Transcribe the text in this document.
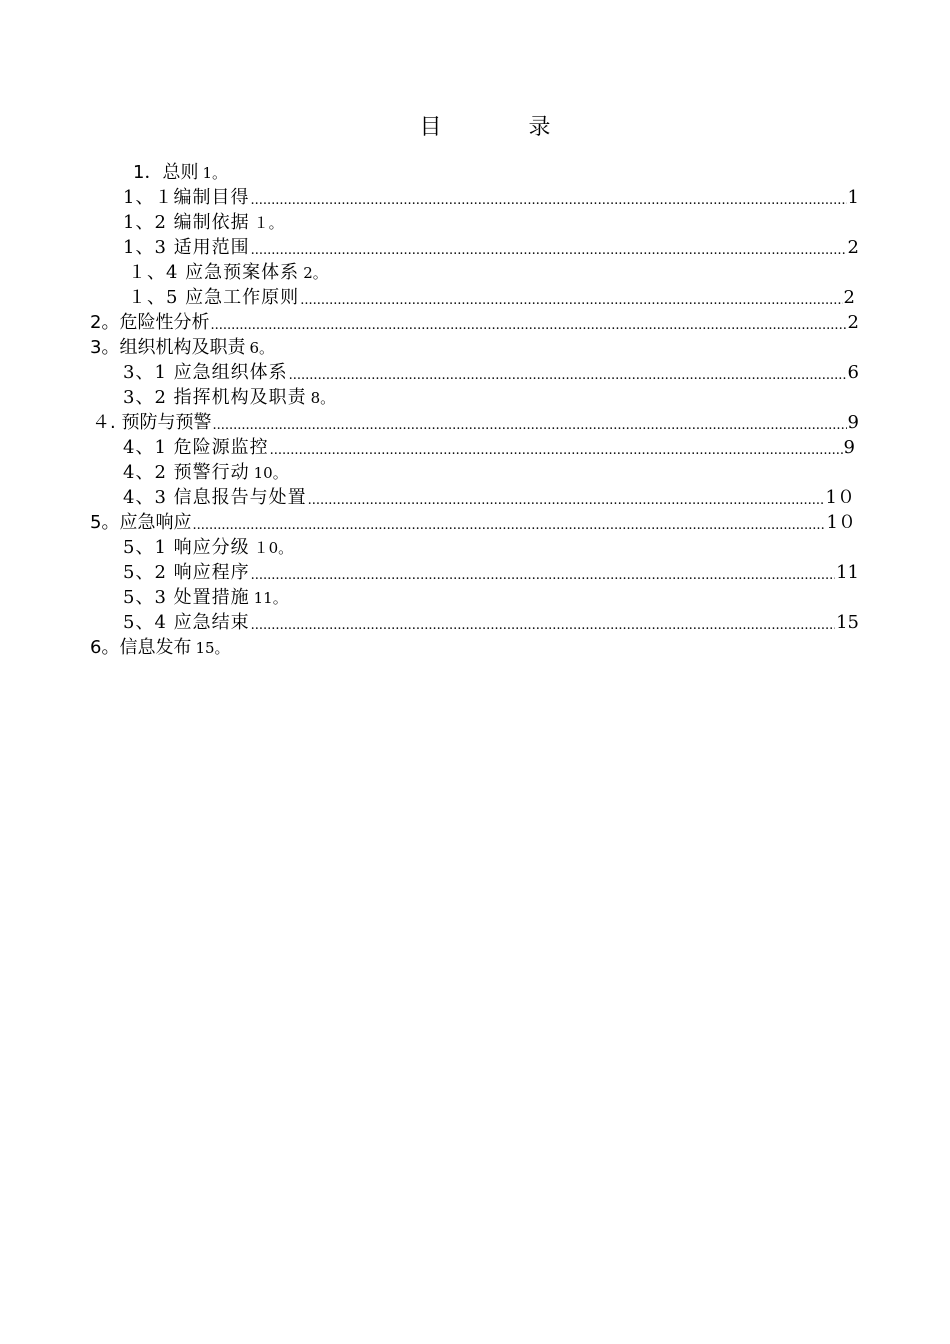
目 录
1．总则 1。
1、１编制目得 .....	1
1、2 编制依据 １。
1、3 适用范围 .....	2
１、4 应急预案体系 2。
１、5 应急工作原则 .....	2
2。危险性分析 .....	2
3。组织机构及职责 6。
3、1 应急组织体系 .....	6
3、2 指挥机构及职责 8。
４. 预防与预警 .....	9
4、1 危险源监控 .....	9
4、2 预警行动 10。
4、3 信息报告与处置 .....	1０
5。应急响应 .....	1０
5、1 响应分级 １0。
5、2 响应程序 .....	11
5、3 处置措施 11。
5、4 应急结束 .....	15
6。信息发布 15。
